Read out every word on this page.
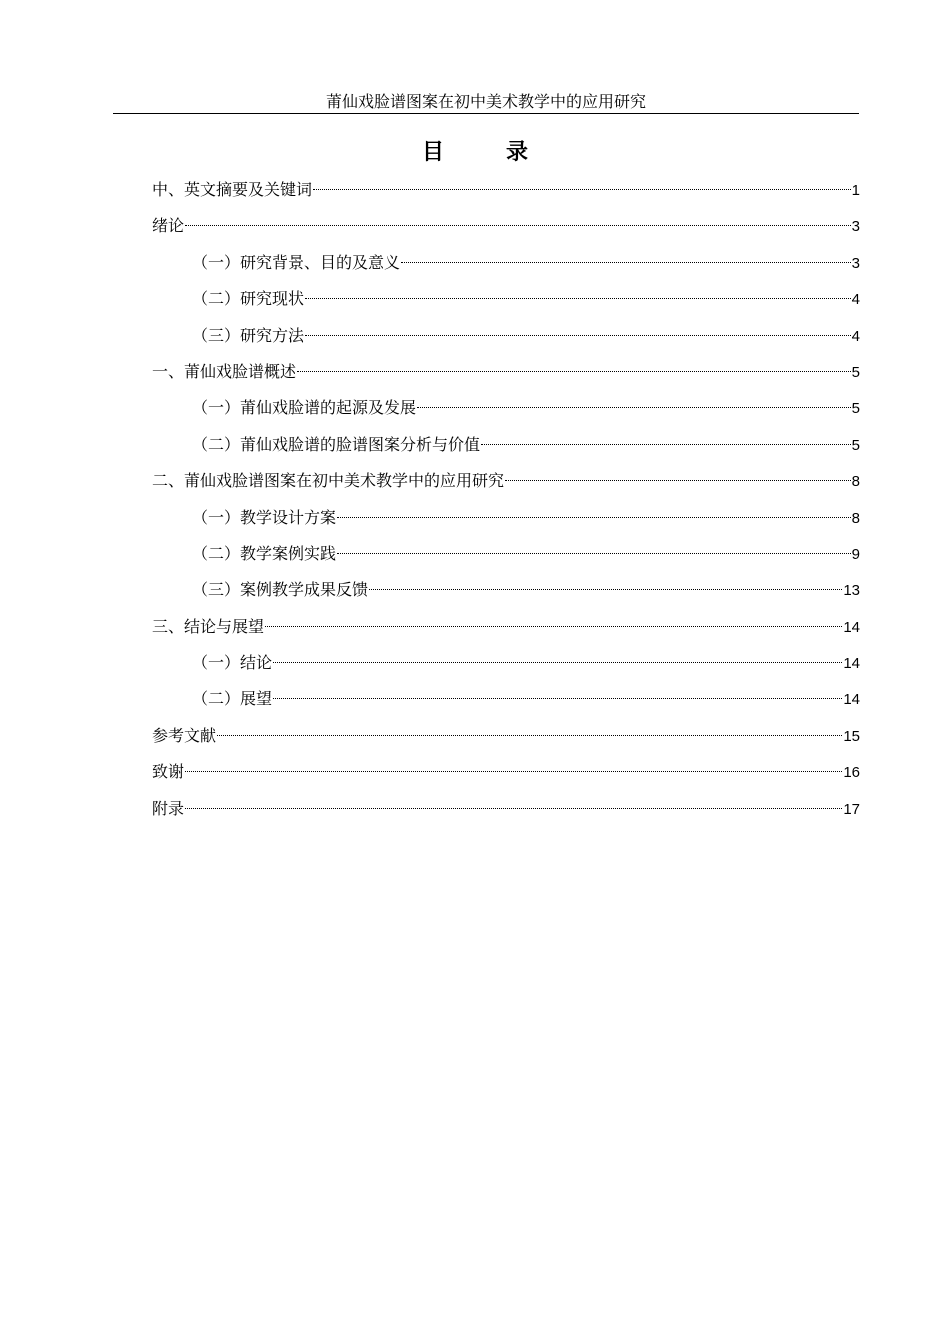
莆仙戏脸谱图案在初中美术教学中的应用研究
目　录
中、英文摘要及关键词	1
绪论	3
（一）研究背景、目的及意义	3
（二）研究现状	4
（三）研究方法	4
一、莆仙戏脸谱概述	5
（一）莆仙戏脸谱的起源及发展	5
（二）莆仙戏脸谱的脸谱图案分析与价值	5
二、莆仙戏脸谱图案在初中美术教学中的应用研究	8
（一）教学设计方案	8
（二）教学案例实践	9
（三）案例教学成果反馈	13
三、结论与展望	14
（一）结论	14
（二）展望	14
参考文献	15
致谢	16
附录	17
